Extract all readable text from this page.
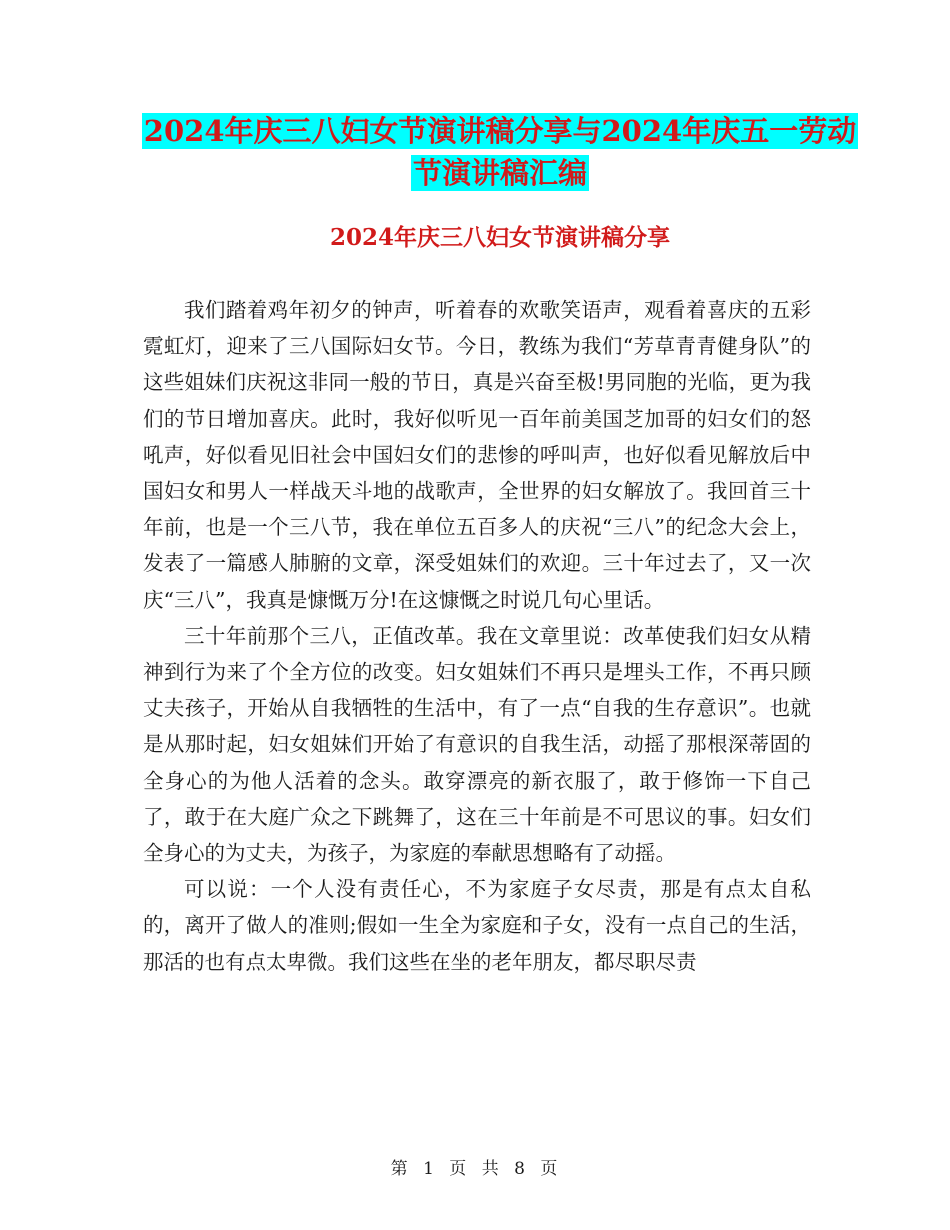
2024年庆三八妇女节演讲稿分享与2024年庆五一劳动
节演讲稿汇编
2024年庆三八妇女节演讲稿分享

我们踏着鸡年初夕的钟声，听着春的欢歌笑语声，观看着喜庆的五彩霓虹灯，迎来了三八国际妇女节。今日，教练为我们“芳草青青健身队”的这些姐妹们庆祝这非同一般的节日，真是兴奋至极!男同胞的光临，更为我们的节日增加喜庆。此时，我好似听见一百年前美国芝加哥的妇女们的怒吼声，好似看见旧社会中国妇女们的悲惨的呼叫声，也好似看见解放后中国妇女和男人一样战天斗地的战歌声，全世界的妇女解放了。我回首三十年前，也是一个三八节，我在单位五百多人的庆祝“三八”的纪念大会上，发表了一篇感人肺腑的文章，深受姐妹们的欢迎。三十年过去了，又一次庆“三八”，我真是慷慨万分!在这慷慨之时说几句心里话。

三十年前那个三八，正值改革。我在文章里说：改革使我们妇女从精神到行为来了个全方位的改变。妇女姐妹们不再只是埋头工作，不再只顾丈夫孩子，开始从自我牺牲的生活中，有了一点“自我的生存意识”。也就是从那时起，妇女姐妹们开始了有意识的自我生活，动摇了那根深蒂固的全身心的为他人活着的念头。敢穿漂亮的新衣服了，敢于修饰一下自己了，敢于在大庭广众之下跳舞了，这在三十年前是不可思议的事。妇女们全身心的为丈夫，为孩子，为家庭的奉献思想略有了动摇。

可以说：一个人没有责任心，不为家庭子女尽责，那是有点太自私的，离开了做人的准则;假如一生全为家庭和子女，没有一点自己的生活，那活的也有点太卑微。我们这些在坐的老年朋友，都尽职尽责

第 1 页 共 8 页
